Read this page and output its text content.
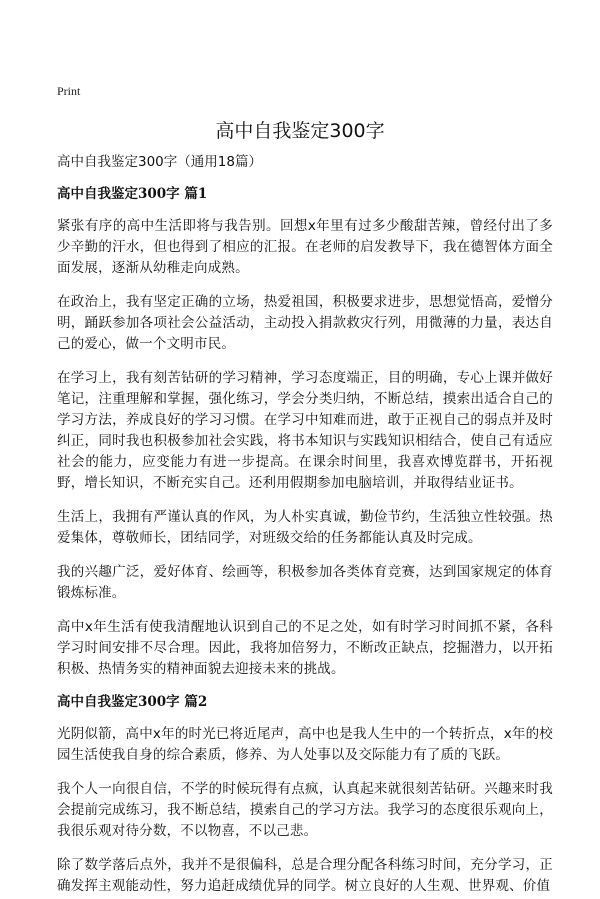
Print
高中自我鉴定300字

高中自我鉴定300字（通用18篇）

高中自我鉴定300字 篇1

紧张有序的高中生活即将与我告别。回想x年里有过多少酸甜苦辣，曾经付出了多少辛勤的汗水，但也得到了相应的汇报。在老师的启发教导下，我在德智体方面全面发展，逐渐从幼稚走向成熟。

在政治上，我有坚定正确的立场，热爱祖国，积极要求进步，思想觉悟高，爱憎分明，踊跃参加各项社会公益活动，主动投入捐款救灾行列，用微薄的力量，表达自己的爱心，做一个文明市民。

在学习上，我有刻苦钻研的学习精神，学习态度端正，目的明确，专心上课并做好笔记，注重理解和掌握，强化练习，学会分类归纳，不断总结，摸索出适合自己的学习方法，养成良好的学习习惯。在学习中知难而进，敢于正视自己的弱点并及时纠正，同时我也积极参加社会实践，将书本知识与实践知识相结合，使自己有适应社会的能力，应变能力有进一步提高。在课余时间里，我喜欢博览群书，开拓视野，增长知识，不断充实自己。还利用假期参加电脑培训，并取得结业证书。

生活上，我拥有严谨认真的作风，为人朴实真诚，勤俭节约，生活独立性较强。热爱集体，尊敬师长，团结同学，对班级交给的任务都能认真及时完成。

我的兴趣广泛，爱好体育、绘画等，积极参加各类体育竞赛，达到国家规定的体育锻炼标准。

高中x年生活有使我清醒地认识到自己的不足之处，如有时学习时间抓不紧，各科学习时间安排不尽合理。因此，我将加倍努力，不断改正缺点，挖掘潜力，以开拓积极、热情务实的精神面貌去迎接未来的挑战。

高中自我鉴定300字 篇2

光阴似箭，高中x年的时光已将近尾声，高中也是我人生中的一个转折点，x年的校园生活使我自身的综合素质，修养、为人处事以及交际能力有了质的飞跃。

我个人一向很自信，不学的时候玩得有点疯，认真起来就很刻苦钻研。兴趣来时我会提前完成练习，我不断总结，摸索自己的学习方法。我学习的态度很乐观向上，我很乐观对待分数，不以物喜，不以己悲。

除了数学落后点外，我并不是很偏科，总是合理分配各科练习时间，充分学习，正确发挥主观能动性，努力追赶成绩优异的同学。树立良好的人生观、世界观、价值
